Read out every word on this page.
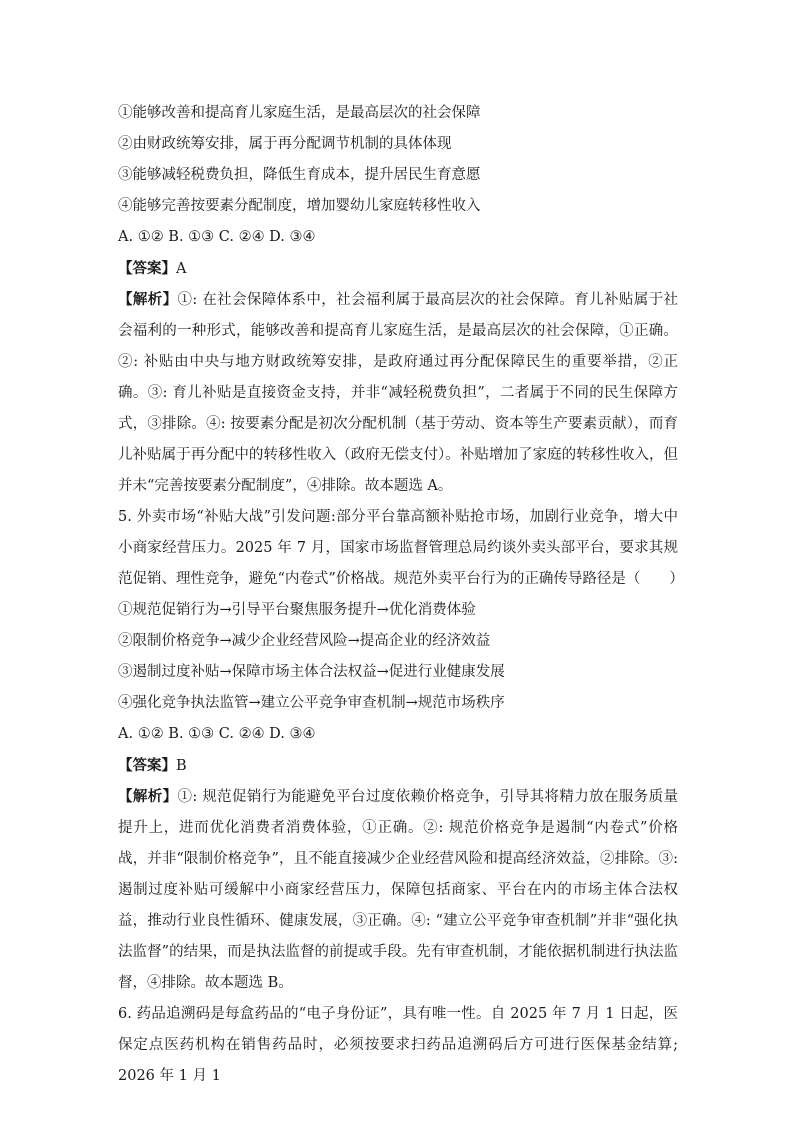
①能够改善和提高育儿家庭生活，是最高层次的社会保障
②由财政统筹安排，属于再分配调节机制的具体体现
③能够减轻税费负担，降低生育成本，提升居民生育意愿
④能够完善按要素分配制度，增加婴幼儿家庭转移性收入
A. ①② B. ①③ C. ②④ D. ③④
【答案】A
【解析】①: 在社会保障体系中，社会福利属于最高层次的社会保障。育儿补贴属于社会福利的一种形式，能够改善和提高育儿家庭生活，是最高层次的社会保障，①正确。②: 补贴由中央与地方财政统筹安排，是政府通过再分配保障民生的重要举措，②正确。③: 育儿补贴是直接资金支持，并非“减轻税费负担”，二者属于不同的民生保障方式，③排除。④: 按要素分配是初次分配机制（基于劳动、资本等生产要素贡献），而育儿补贴属于再分配中的转移性收入（政府无偿支付）。补贴增加了家庭的转移性收入，但并未“完善按要素分配制度”，④排除。故本题选 A。
5. 外卖市场“补贴大战”引发问题:部分平台靠高额补贴抢市场，加剧行业竞争，增大中小商家经营压力。2025 年 7 月，国家市场监督管理总局约谈外卖头部平台，要求其规范促销、理性竞争，避免“内卷式”价格战。规范外卖平台行为的正确传导路径是（　　）
①规范促销行为→引导平台聚焦服务提升→优化消费体验
②限制价格竞争→减少企业经营风险→提高企业的经济效益
③遏制过度补贴→保障市场主体合法权益→促进行业健康发展
④强化竞争执法监管→建立公平竞争审查机制→规范市场秩序
A. ①② B. ①③ C. ②④ D. ③④
【答案】B
【解析】①: 规范促销行为能避免平台过度依赖价格竞争，引导其将精力放在服务质量提升上，进而优化消费者消费体验，①正确。②: 规范价格竞争是遏制“内卷式”价格战，并非“限制价格竞争”，且不能直接减少企业经营风险和提高经济效益，②排除。③: 遏制过度补贴可缓解中小商家经营压力，保障包括商家、平台在内的市场主体合法权益，推动行业良性循环、健康发展，③正确。④: “建立公平竞争审查机制”并非“强化执法监督”的结果，而是执法监督的前提或手段。先有审查机制，才能依据机制进行执法监督，④排除。故本题选 B。
6. 药品追溯码是每盒药品的“电子身份证”，具有唯一性。自 2025 年 7 月 1 日起，医保定点医药机构在销售药品时，必须按要求扫药品追溯码后方可进行医保基金结算; 2026 年 1 月 1
